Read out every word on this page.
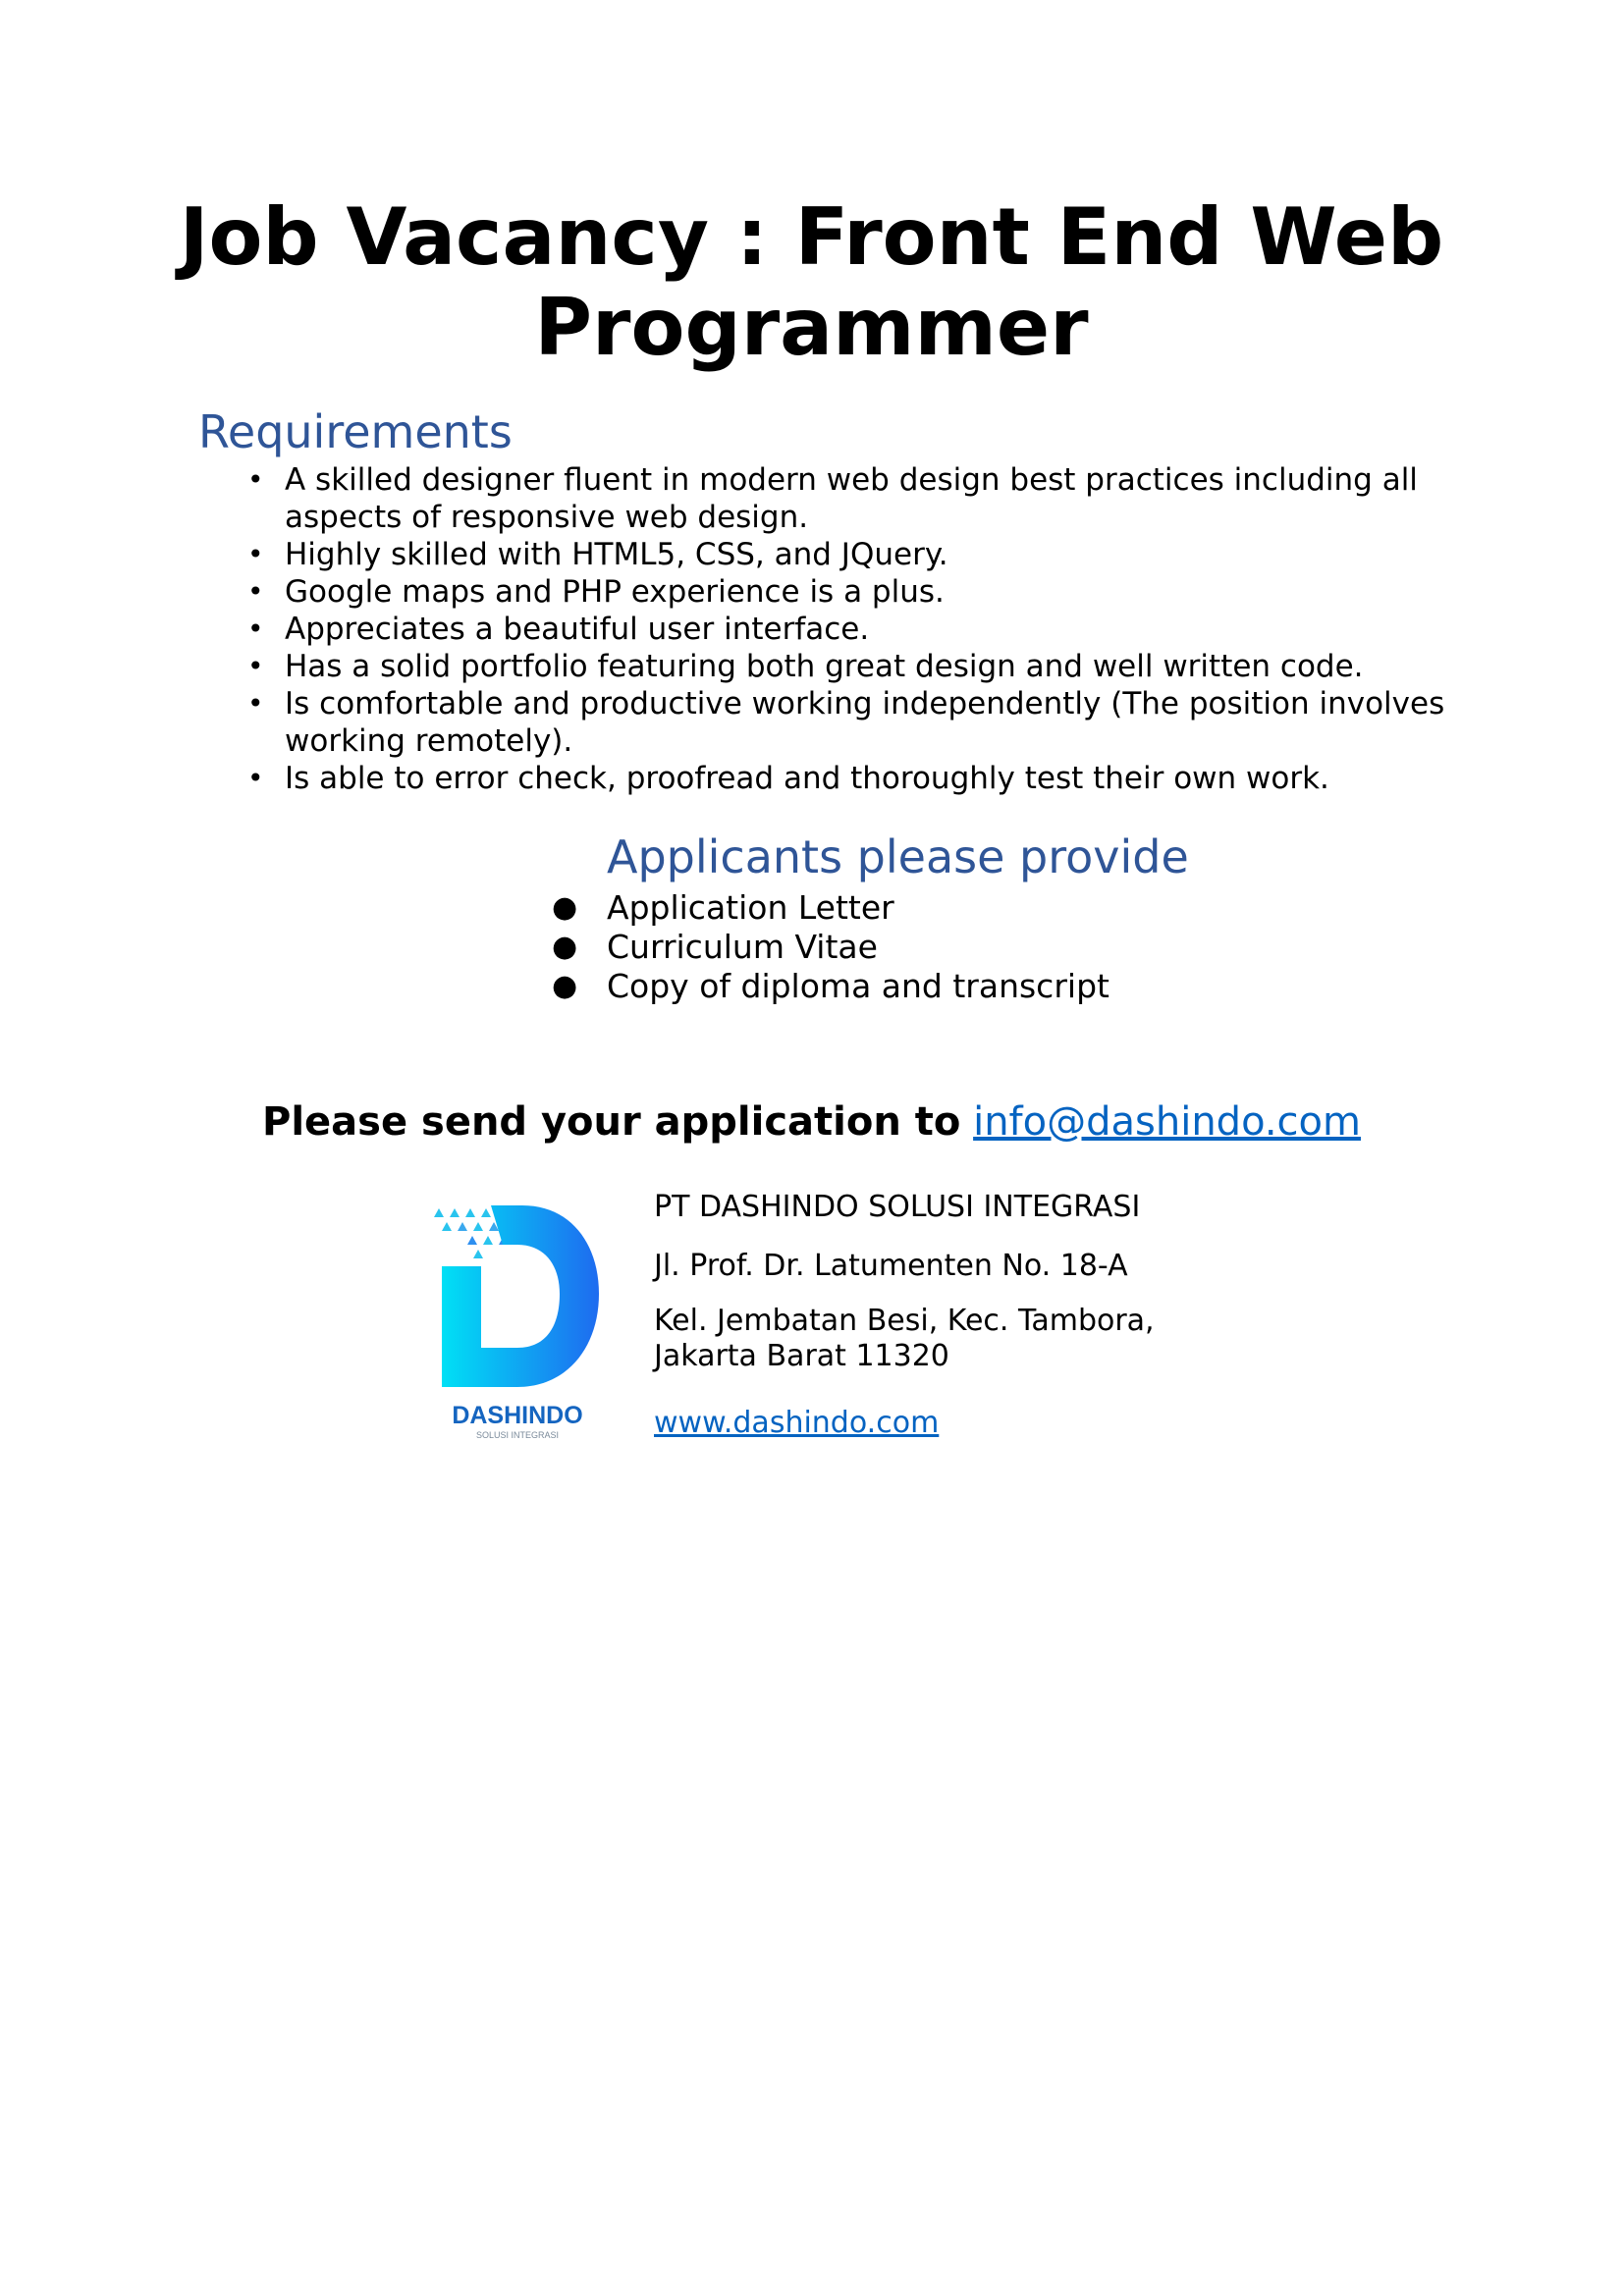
Job Vacancy : Front End Web
Programmer
Requirements
• A skilled designer fluent in modern web design best practices including all aspects of responsive web design.
• Highly skilled with HTML5, CSS, and JQuery.
• Google maps and PHP experience is a plus.
• Appreciates a beautiful user interface.
• Has a solid portfolio featuring both great design and well written code.
• Is comfortable and productive working independently (The position involves working remotely).
• Is able to error check, proofread and thoroughly test their own work.
Applicants please provide
● Application Letter
● Curriculum Vitae
● Copy of diploma and transcript
Please send your application to info@dashindo.com
DASHINDO
SOLUSI INTEGRASI
PT DASHINDO SOLUSI INTEGRASI
Jl. Prof. Dr. Latumenten No. 18-A
Kel. Jembatan Besi, Kec. Tambora,
Jakarta Barat 11320
www.dashindo.com
